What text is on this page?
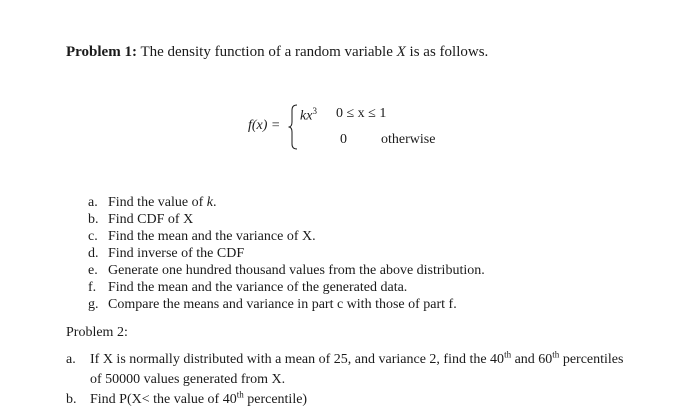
Problem 1: The density function of a random variable X is as follows.
f(x) =
$kx^3$ 0 ≤ x ≤ 1
0 otherwise
a. Find the value of k.
b. Find CDF of X
c. Find the mean and the variance of X.
d. Find inverse of the CDF
e. Generate one hundred thousand values from the above distribution.
f. Find the mean and the variance of the generated data.
g. Compare the means and variance in part c with those of part f.
Problem 2:
a. If X is normally distributed with a mean of 25, and variance 2, find the 40th and 60th percentiles of 50000 values generated from X.
b. Find P(X< the value of 40th percentile)
